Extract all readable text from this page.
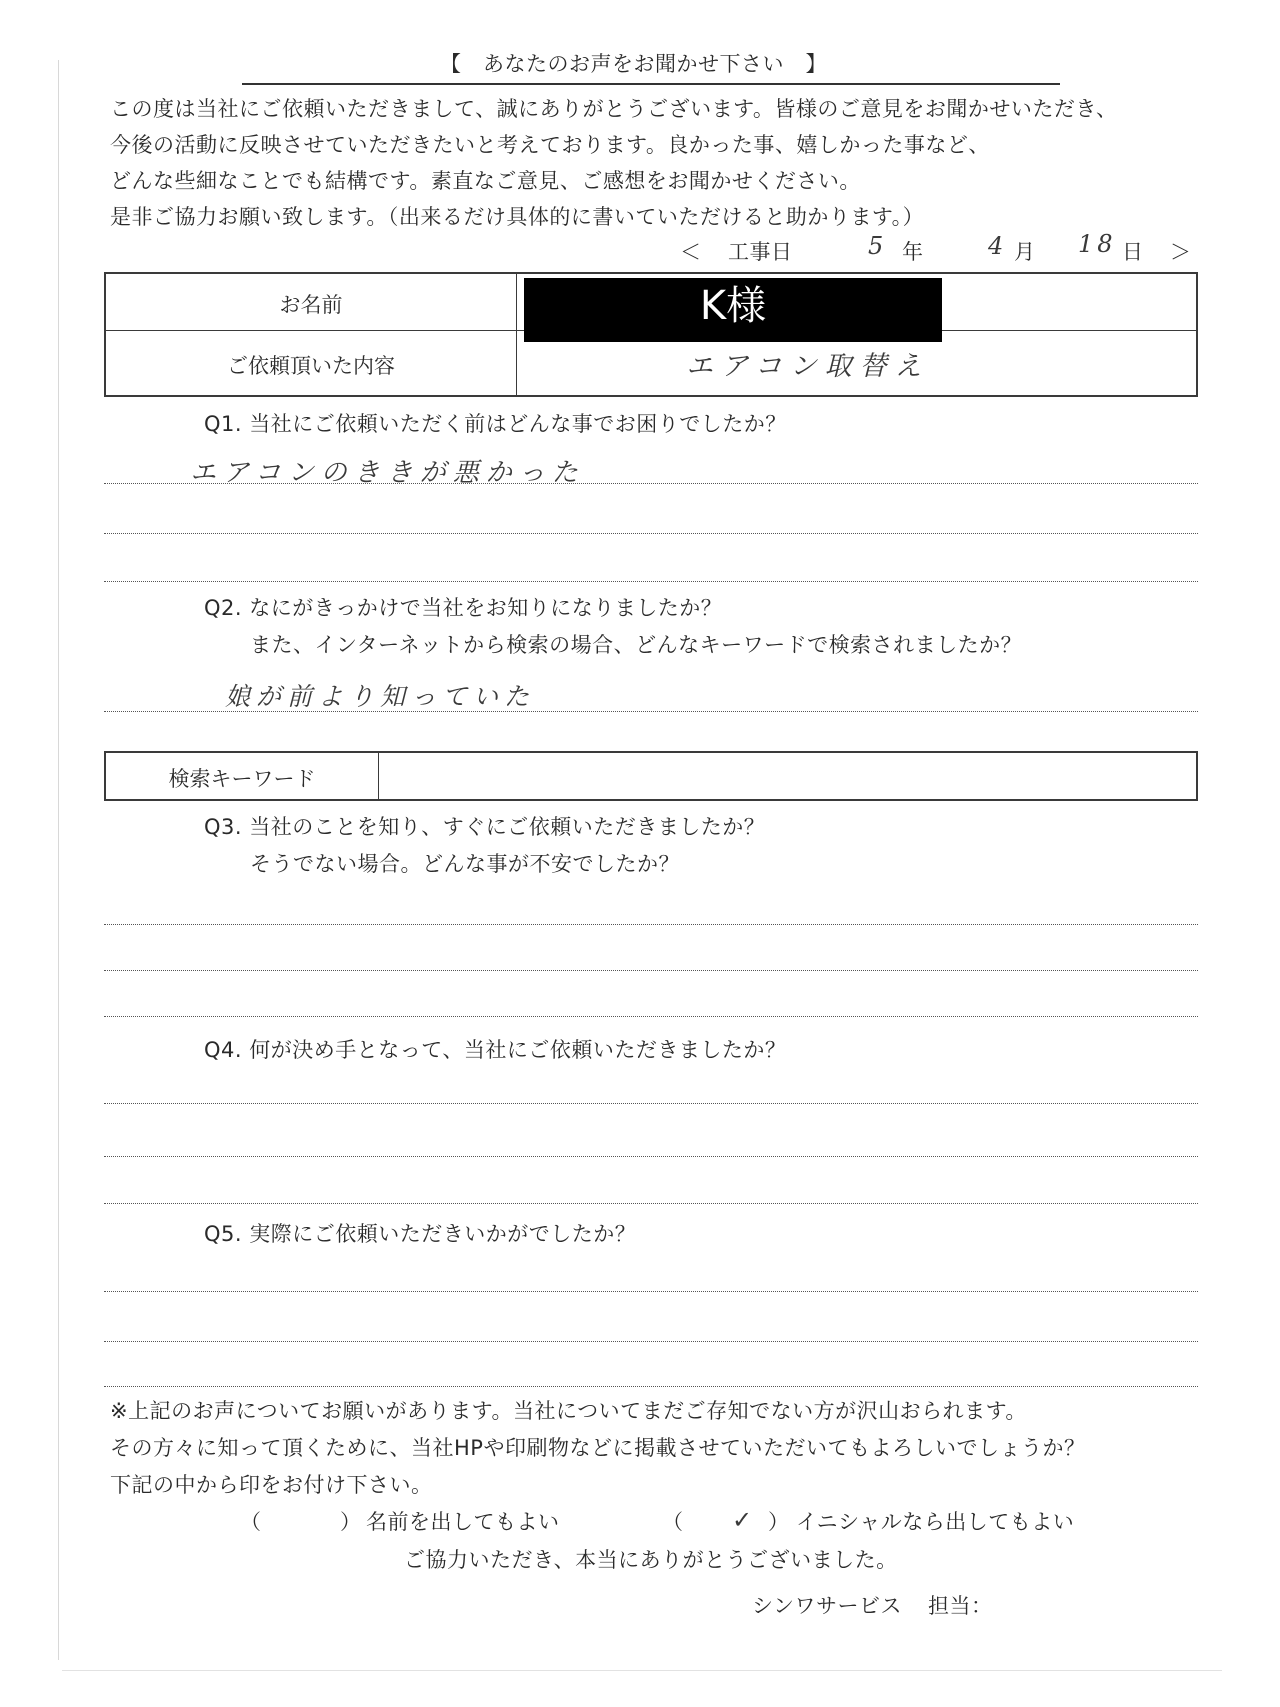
【　あなたのお声をお聞かせ下さい　】
この度は当社にご依頼いただきまして、誠にありがとうございます。皆様のご意見をお聞かせいただき、
今後の活動に反映させていただきたいと考えております。良かった事、嬉しかった事など、
どんな些細なことでも結構です。素直なご意見、ご感想をお聞かせください。
是非ご協力お願い致します。（出来るだけ具体的に書いていただけると助かります。）
＜ 工事日	5 年	4 月 18 日 ＞
お名前	K様
ご依頼頂いた内容	エアコン取替え
Q1. 当社にご依頼いただく前はどんな事でお困りでしたか？
エアコンのききが悪かった
Q2. なにがきっかけで当社をお知りになりましたか？
また、インターネットから検索の場合、どんなキーワードで検索されましたか？
娘が前より知っていた
検索キーワード
Q3. 当社のことを知り、すぐにご依頼いただきましたか？
そうでない場合。どんな事が不安でしたか？
Q4. 何が決め手となって、当社にご依頼いただきましたか？
Q5. 実際にご依頼いただきいかがでしたか？
※上記のお声についてお願いがあります。当社についてまだご存知でない方が沢山おられます。
その方々に知って頂くために、当社HPや印刷物などに掲載させていただいてもよろしいでしょうか？
下記の中から印をお付け下さい。
（	） 名前を出してもよい	（ ✓ ） イニシャルなら出してもよい
ご協力いただき、本当にありがとうございました。
シンワサービス 担当：
